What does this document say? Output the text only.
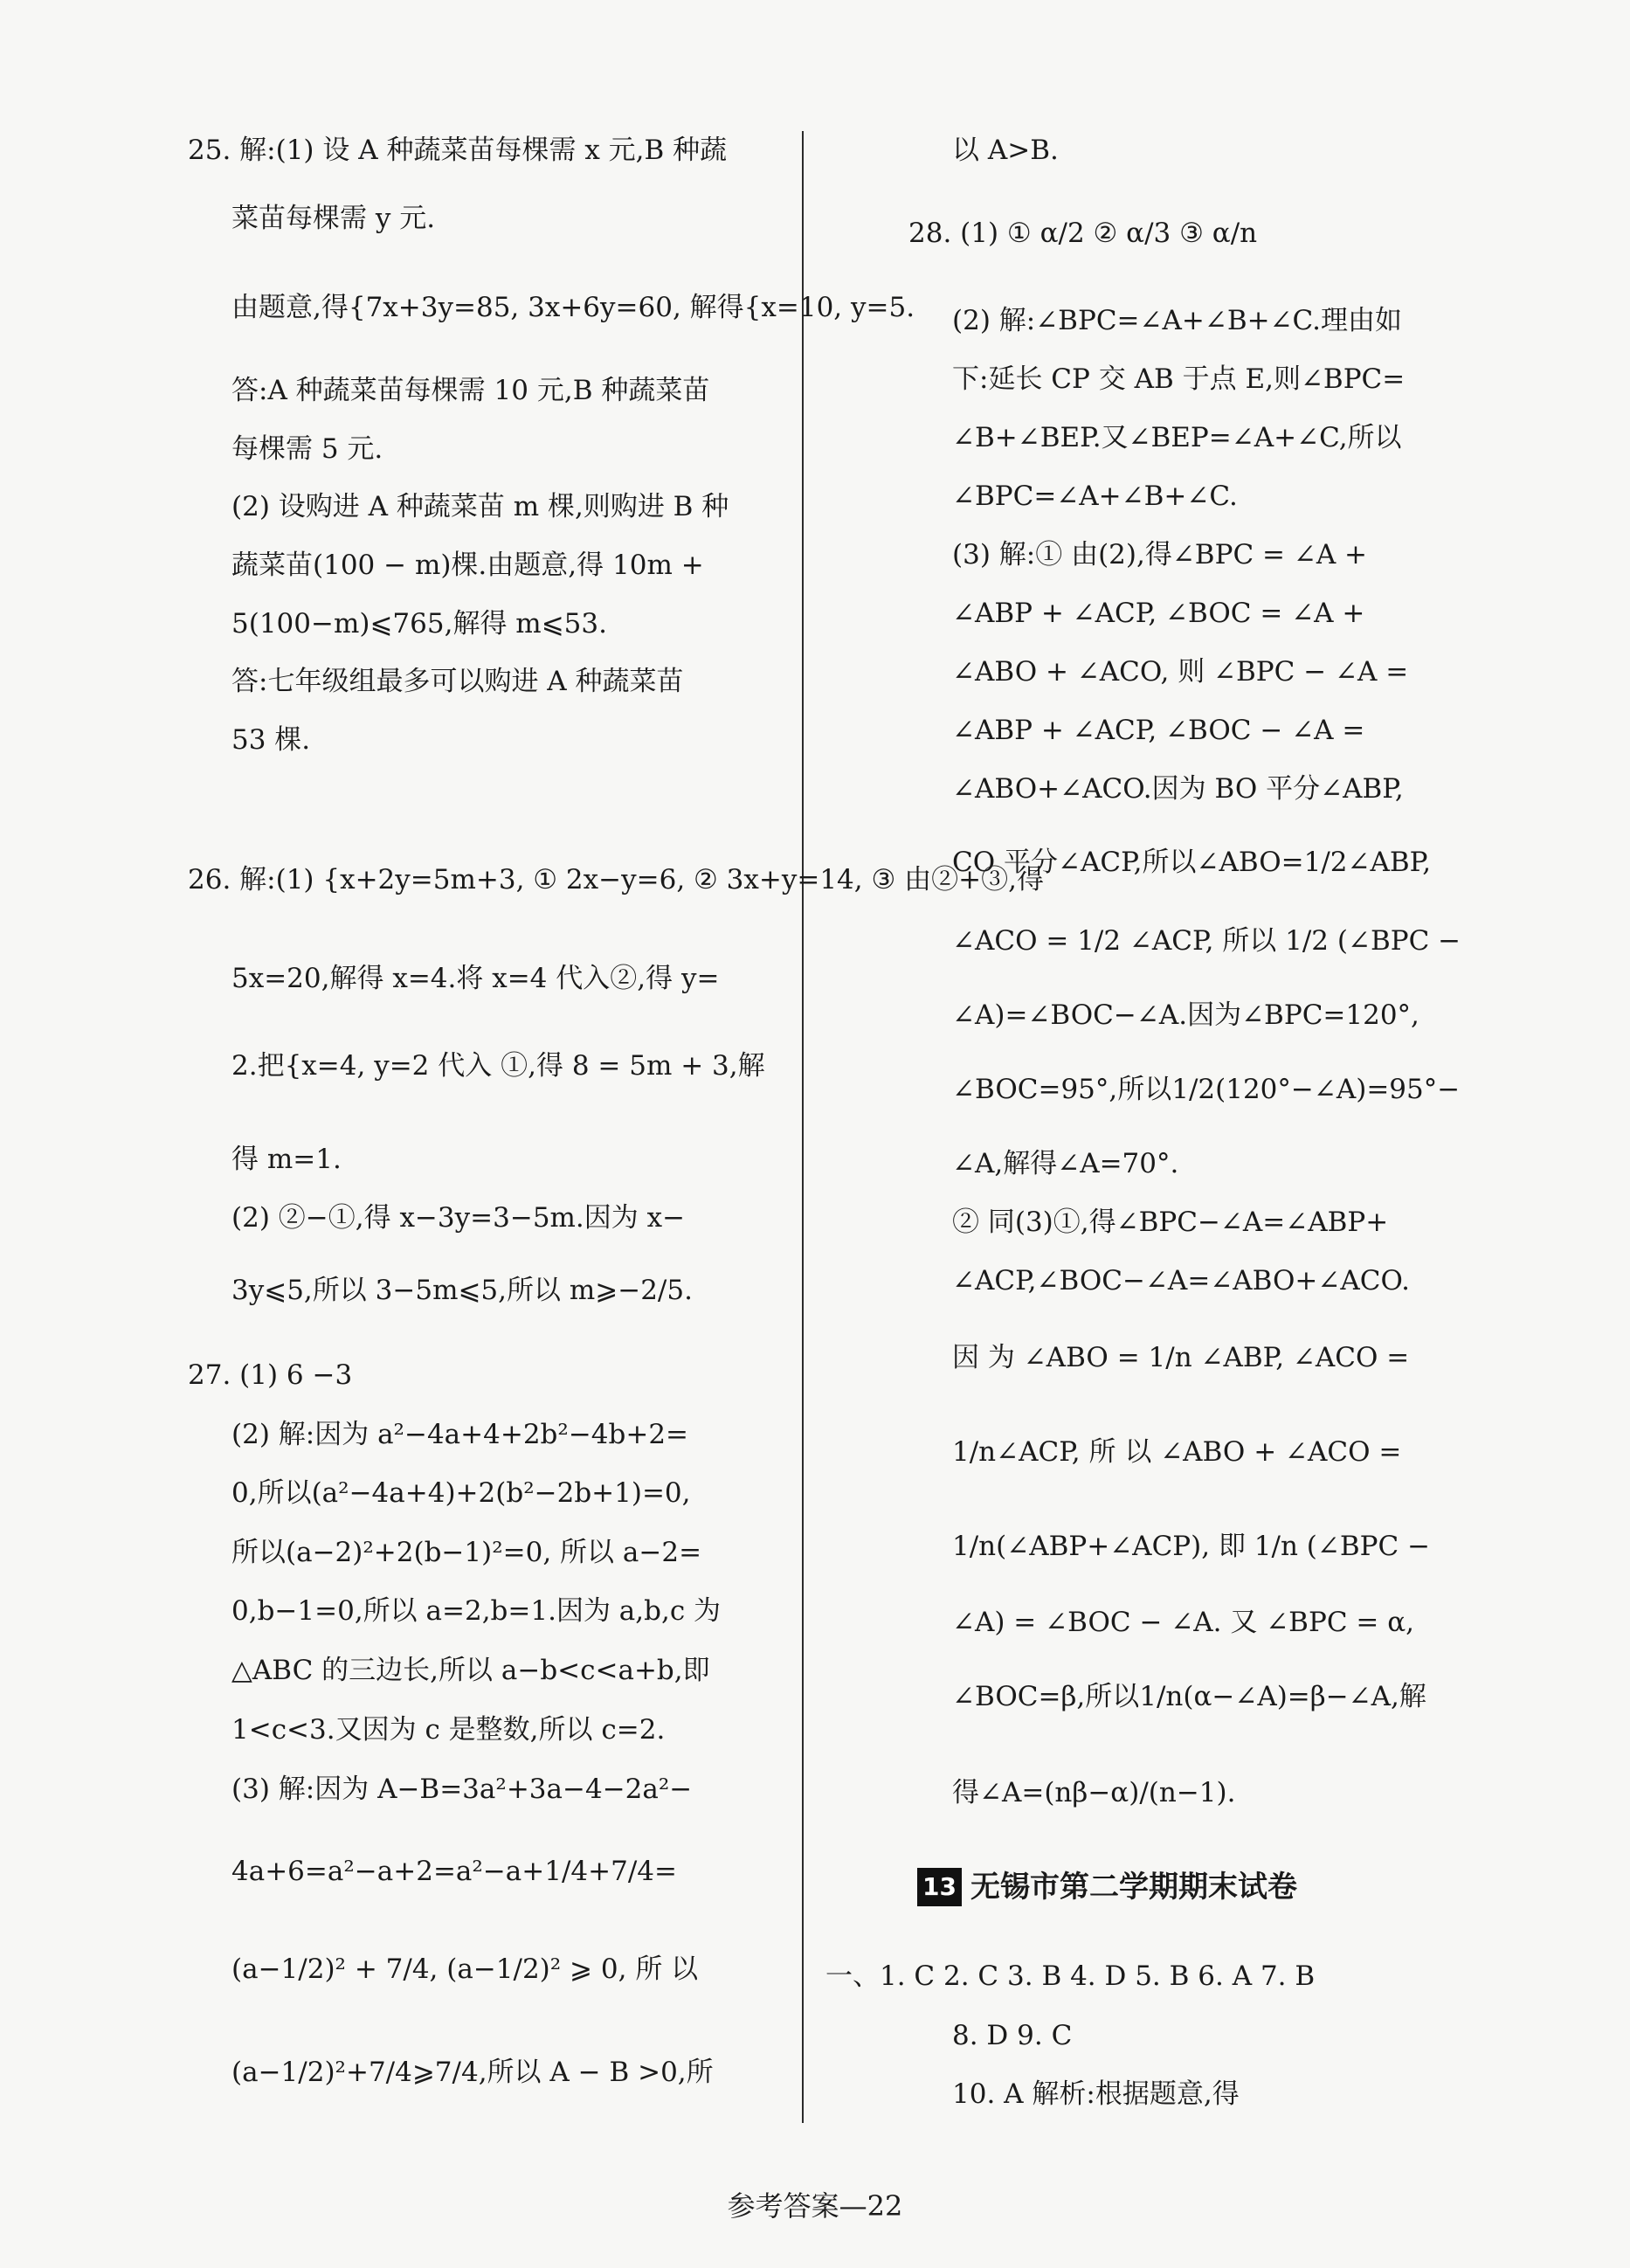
25. 解:(1) 设 A 种蔬菜苗每棵需 x 元,B 种蔬
菜苗每棵需 y 元.
由题意,得{7x+3y=85, 3x+6y=60, 解得{x=10, y=5.
答:A 种蔬菜苗每棵需 10 元,B 种蔬菜苗
每棵需 5 元.
(2) 设购进 A 种蔬菜苗 m 棵,则购进 B 种
蔬菜苗(100 − m)棵.由题意,得 10m +
5(100−m)⩽765,解得 m⩽53.
答:七年级组最多可以购进 A 种蔬菜苗
53 棵.
26. 解:(1) {x+2y=5m+3, ① 2x−y=6, ② 3x+y=14, ③ 由②+③,得
5x=20,解得 x=4.将 x=4 代入②,得 y=
2.把{x=4, y=2 代入 ①,得 8 = 5m + 3,解
得 m=1.
(2) ②−①,得 x−3y=3−5m.因为 x−
3y⩽5,所以 3−5m⩽5,所以 m⩾−2/5.
27. (1) 6 −3
(2) 解:因为 a²−4a+4+2b²−4b+2=
0,所以(a²−4a+4)+2(b²−2b+1)=0,
所以(a−2)²+2(b−1)²=0, 所以 a−2=
0,b−1=0,所以 a=2,b=1.因为 a,b,c 为
△ABC 的三边长,所以 a−b<c<a+b,即
1<c<3.又因为 c 是整数,所以 c=2.
(3) 解:因为 A−B=3a²+3a−4−2a²−
4a+6=a²−a+2=a²−a+1/4+7/4=
(a−1/2)² + 7/4, (a−1/2)² ⩾ 0, 所 以
(a−1/2)²+7/4⩾7/4,所以 A − B >0,所
以 A>B.
28. (1) ① α/2 ② α/3 ③ α/n
(2) 解:∠BPC=∠A+∠B+∠C.理由如
下:延长 CP 交 AB 于点 E,则∠BPC=
∠B+∠BEP.又∠BEP=∠A+∠C,所以
∠BPC=∠A+∠B+∠C.
(3) 解:① 由(2),得∠BPC = ∠A +
∠ABP + ∠ACP, ∠BOC = ∠A +
∠ABO + ∠ACO, 则 ∠BPC − ∠A =
∠ABP + ∠ACP, ∠BOC − ∠A =
∠ABO+∠ACO.因为 BO 平分∠ABP,
CO 平分∠ACP,所以∠ABO=1/2∠ABP,
∠ACO = 1/2 ∠ACP, 所以 1/2 (∠BPC −
∠A)=∠BOC−∠A.因为∠BPC=120°,
∠BOC=95°,所以1/2(120°−∠A)=95°−
∠A,解得∠A=70°.
② 同(3)①,得∠BPC−∠A=∠ABP+
∠ACP,∠BOC−∠A=∠ABO+∠ACO.
因 为 ∠ABO = 1/n ∠ABP, ∠ACO =
1/n∠ACP, 所 以 ∠ABO + ∠ACO =
1/n(∠ABP+∠ACP), 即 1/n (∠BPC −
∠A) = ∠BOC − ∠A. 又 ∠BPC = α,
∠BOC=β,所以1/n(α−∠A)=β−∠A,解
得∠A=(nβ−α)/(n−1).
一、1. C 2. C 3. B 4. D 5. B 6. A 7. B
8. D 9. C
10. A 解析:根据题意,得
13 无锡市第二学期期末试卷
参考答案—22
